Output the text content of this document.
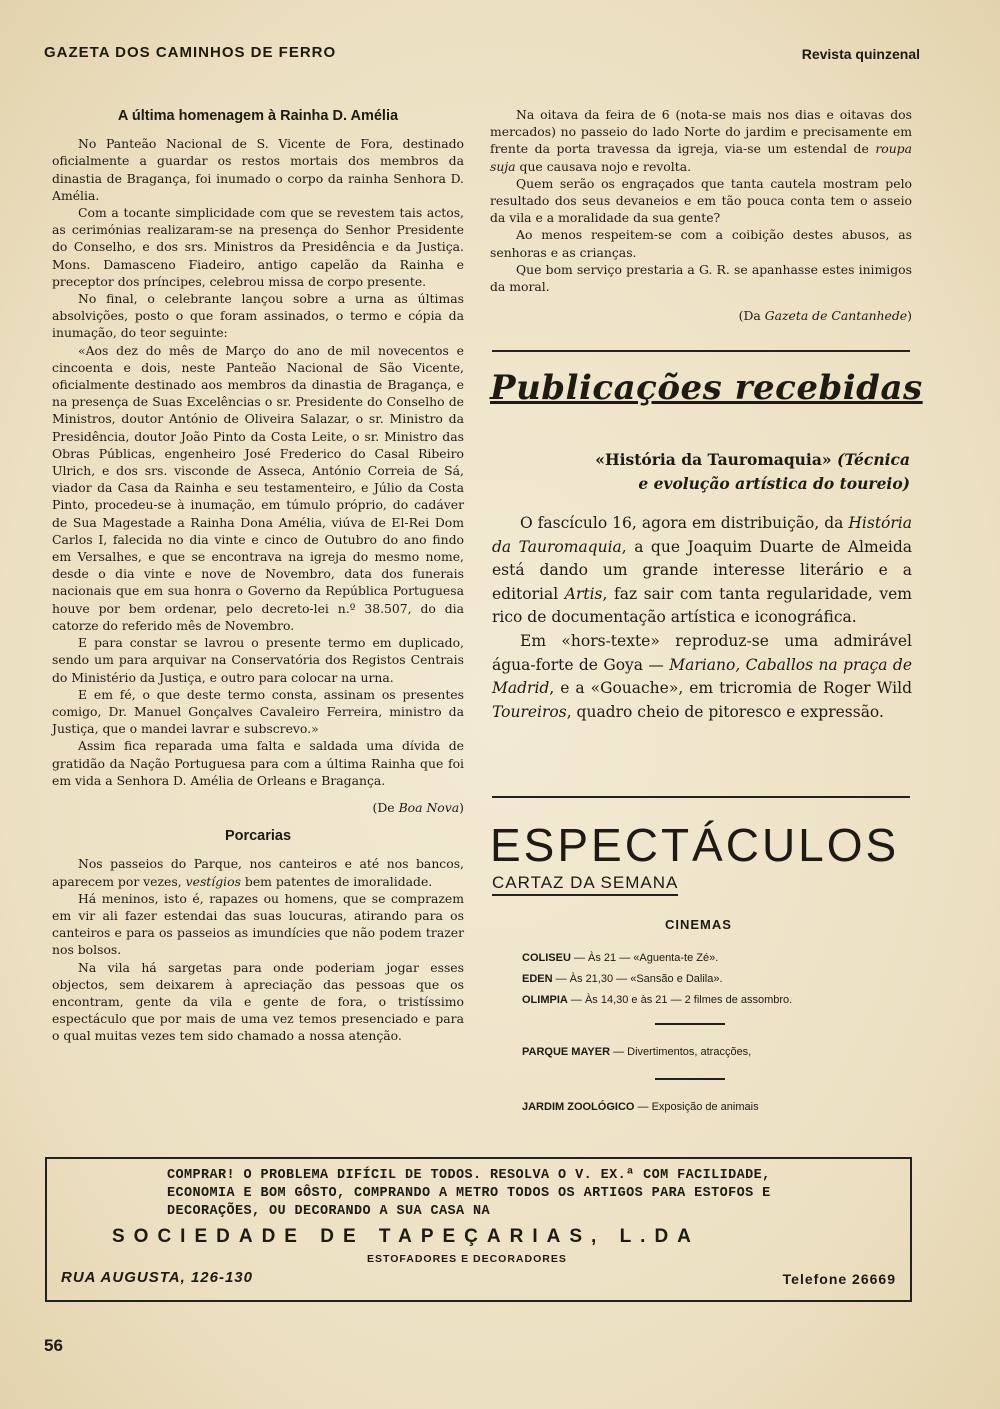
GAZETA DOS CAMINHOS DE FERRO	Revista quinzenal
A última homenagem à Rainha D. Amélia

No Panteão Nacional de S. Vicente de Fora, destinado oficialmente a guardar os restos mortais dos membros da dinastia de Bragança, foi inumado o corpo da rainha Senhora D. Amélia.

Com a tocante simplicidade com que se revestem tais actos, as cerimónias realizaram-se na presença do Senhor Presidente do Conselho, e dos srs. Ministros da Presidência e da Justiça. Mons. Damasceno Fiadeiro, antigo capelão da Rainha e preceptor dos príncipes, celebrou missa de corpo presente.

No final, o celebrante lançou sobre a urna as últimas absolvições, posto o que foram assinados, o termo e cópia da inumação, do teor seguinte:

«Aos dez do mês de Março do ano de mil novecentos e cincoenta e dois, neste Panteão Nacional de São Vicente, oficialmente destinado aos membros da dinastia de Bragança, e na presença de Suas Excelências o sr. Presidente do Conselho de Ministros, doutor António de Oliveira Salazar, o sr. Ministro da Presidência, doutor João Pinto da Costa Leite, o sr. Ministro das Obras Públicas, engenheiro José Frederico do Casal Ribeiro Ulrich, e dos srs. visconde de Asseca, António Correia de Sá, viador da Casa da Rainha e seu testamenteiro, e Júlio da Costa Pinto, procedeu-se à inumação, em túmulo próprio, do cadáver de Sua Magestade a Rainha Dona Amélia, viúva de El-Rei Dom Carlos I, falecida no dia vinte e cinco de Outubro do ano findo em Versalhes, e que se encontrava na igreja do mesmo nome, desde o dia vinte e nove de Novembro, data dos funerais nacionais que em sua honra o Governo da República Portuguesa houve por bem ordenar, pelo decreto-lei n.º 38.507, do dia catorze do referido mês de Novembro.

E para constar se lavrou o presente termo em duplicado, sendo um para arquivar na Conservatória dos Registos Centrais do Ministério da Justiça, e outro para colocar na urna.

E em fé, o que deste termo consta, assinam os presentes comigo, Dr. Manuel Gonçalves Cavaleiro Ferreira, ministro da Justiça, que o mandei lavrar e subscrevo.»

Assim fica reparada uma falta e saldada uma dívida de gratidão da Nação Portuguesa para com a última Rainha que foi em vida a Senhora D. Amélia de Orleans e Bragança.

(De Boa Nova)
Porcarias

Nos passeios do Parque, nos canteiros e até nos bancos, aparecem por vezes, vestígios bem patentes de imoralidade.

Há meninos, isto é, rapazes ou homens, que se comprazem em vir ali fazer estendai das suas loucuras, atirando para os canteiros e para os passeios as imundícies que não podem trazer nos bolsos.

Na vila há sargetas para onde poderiam jogar esses objectos, sem deixarem à apreciação das pessoas que os encontram, gente da vila e gente de fora, o tristíssimo espectáculo que por mais de uma vez temos presenciado e para o qual muitas vezes tem sido chamado a nossa atenção.

Na oitava da feira de 6 (nota-se mais nos dias e oitavas dos mercados) no passeio do lado Norte do jardim e precisamente em frente da porta travessa da igreja, via-se um estendal de roupa suja que causava nojo e revolta.

Quem serão os engraçados que tanta cautela mostram pelo resultado dos seus devaneios e em tão pouca conta tem o asseio da vila e a moralidade da sua gente?

Ao menos respeitem-se com a coibição destes abusos, as senhoras e as crianças.

Que bom serviço prestaria a G. R. se apanhasse estes inimigos da moral.

(Da Gazeta de Cantanhede)
Publicações recebidas
«História da Tauromaquia» (Técnica
e evolução artística do toureio)

O fascículo 16, agora em distribuição, da História da Tauromaquia, a que Joaquim Duarte de Almeida está dando um grande interesse literário e a editorial Artis, faz sair com tanta regularidade, vem rico de documentação artística e iconográfica.

Em «hors-texte» reproduz-se uma admirável água-forte de Goya — Mariano, Caballos na praça de Madrid, e a «Gouache», em tricromia de Roger Wild Toureiros, quadro cheio de pitoresco e expressão.

ESPECTÁCULOS
CARTAZ DA SEMANA
CINEMAS
COLISEU — Às 21 — «Aguenta-te Zé».
EDEN — Às 21,30 — «Sansão e Dalila».
OLIMPIA — Às 14,30 e às 21 — 2 filmes de assombro.
PARQUE MAYER — Divertimentos, atracções,
JARDIM ZOOLÓGICO — Exposição de animais
COMPRAR! O PROBLEMA DIFÍCIL DE TODOS. RESOLVA O V. EX.ª COM FACILIDADE, ECONOMIA E BOM GÔSTO, COMPRANDO A METRO TODOS OS ARTIGOS PARA ESTOFOS E DECORAÇÕES, OU DECORANDO A SUA CASA NA
SOCIEDADE DE TAPEÇARIAS, L.DA
ESTOFADORES E DECORADORES
RUA AUGUSTA, 126-130	Telefone 26669
56
